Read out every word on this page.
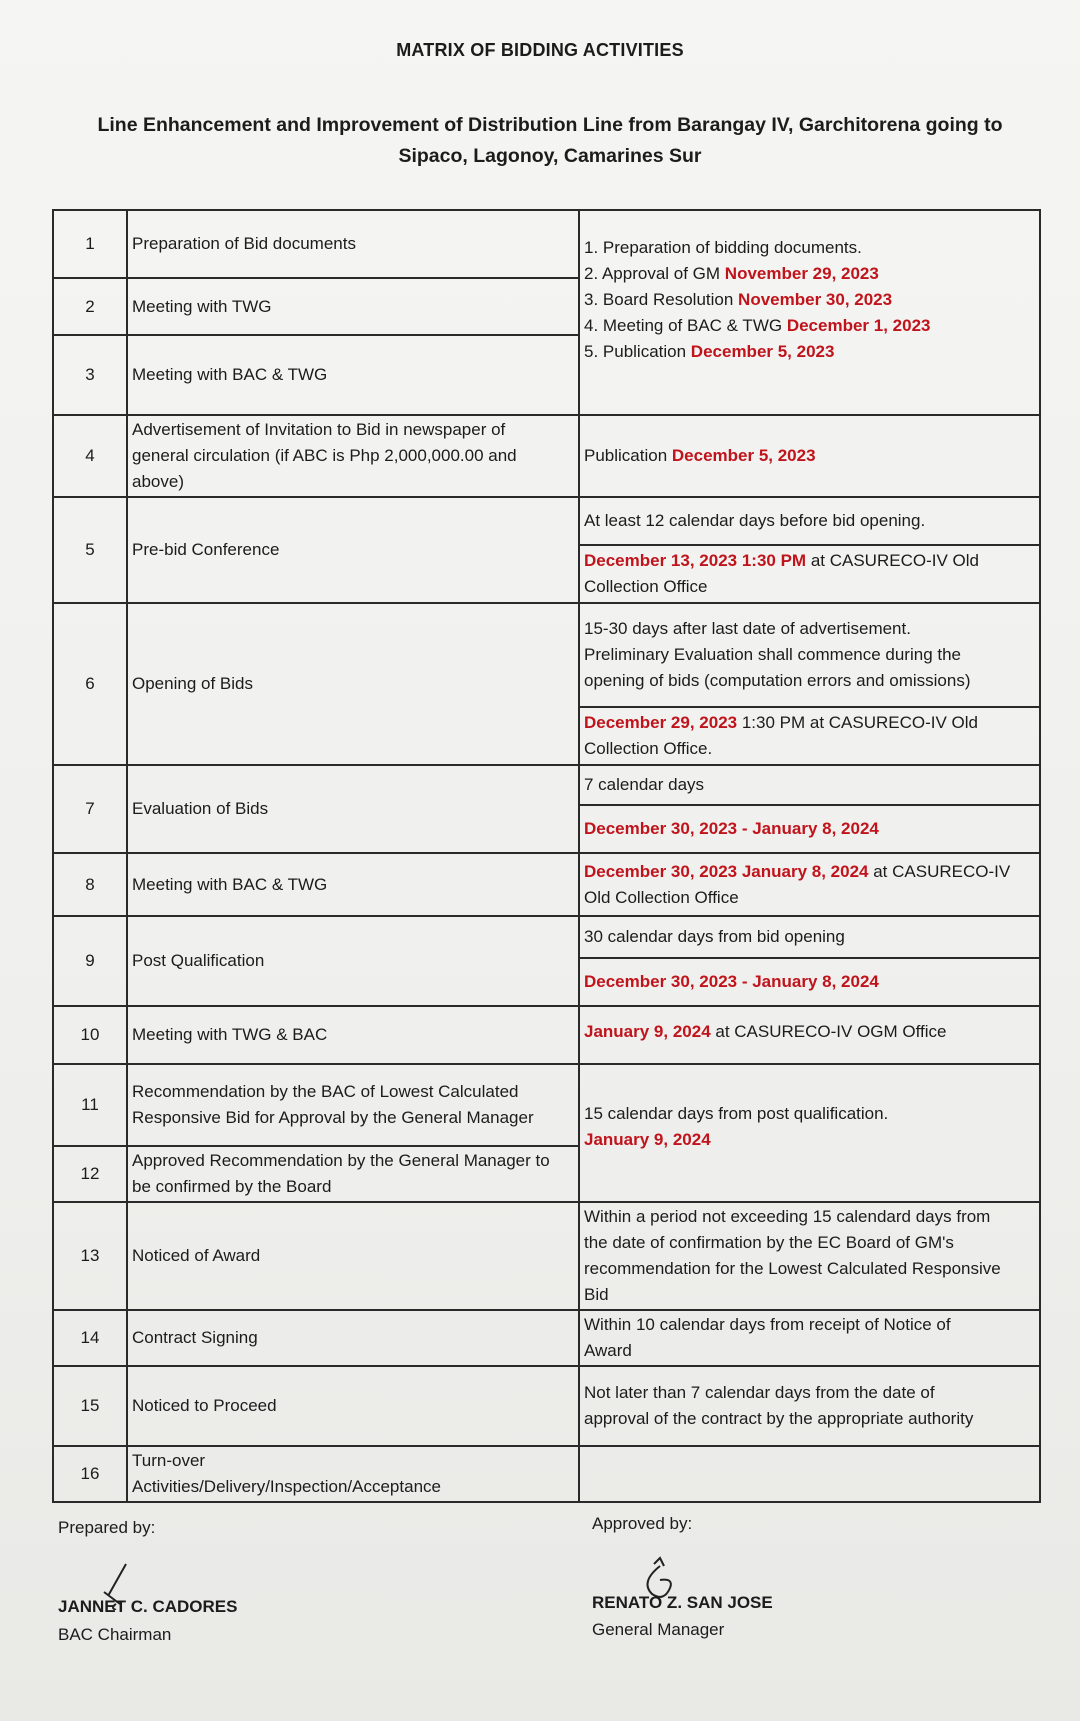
MATRIX OF BIDDING ACTIVITIES
Line Enhancement and Improvement of Distribution Line from Barangay IV, Garchitorena going to
Sipaco, Lagonoy, Camarines Sur
1	Preparation of Bid documents	1. Preparation of bidding documents.
2. Approval of GM November 29, 2023
3. Board Resolution November 30, 2023
4. Meeting of BAC & TWG December 1, 2023
5. Publication December 5, 2023

2	Meeting with TWG	
3	Meeting with BAC & TWG	
4	Advertisement of Invitation to Bid in newspaper of
general circulation (if ABC is Php 2,000,000.00 and
above)	Publication December 5, 2023
5	Pre-bid Conference	At least 12 calendar days before bid opening.
		December 13, 2023 1:30 PM at CASURECO-IV Old
Collection Office

6	Opening of Bids	15-30 days after last date of advertisement.
Preliminary Evaluation shall commence during the
opening of bids (computation errors and omissions)

		December 29, 2023 1:30 PM at CASURECO-IV Old
Collection Office.

7	Evaluation of Bids	7 calendar days
		December 30, 2023 - January 8, 2024
8	Meeting with BAC & TWG	December 30, 2023 January 8, 2024 at CASURECO-IV
Old Collection Office

9	Post Qualification	30 calendar days from bid opening
		December 30, 2023 - January 8, 2024
10	Meeting with TWG & BAC	January 9, 2024 at CASURECO-IV OGM Office
11	Recommendation by the BAC of Lowest Calculated
Responsive Bid for Approval by the General Manager	15 calendar days from post qualification.
January 9, 2024

12	Approved Recommendation by the General Manager to
be confirmed by the Board	

13	Noticed of Award	Within a period not exceeding 15 calendard days from
the date of confirmation by the EC Board of GM's
recommendation for the Lowest Calculated Responsive
Bid

14	Contract Signing	Within 10 calendar days from receipt of Notice of
Award

15	Noticed to Proceed	Not later than 7 calendar days from the date of
approval of the contract by the appropriate authority

16	Turn-over
Activities/Delivery/Inspection/Acceptance	

Prepared by:
JANNET C. CADORES
BAC Chairman
Approved by:
RENATO Z. SAN JOSE
General Manager
